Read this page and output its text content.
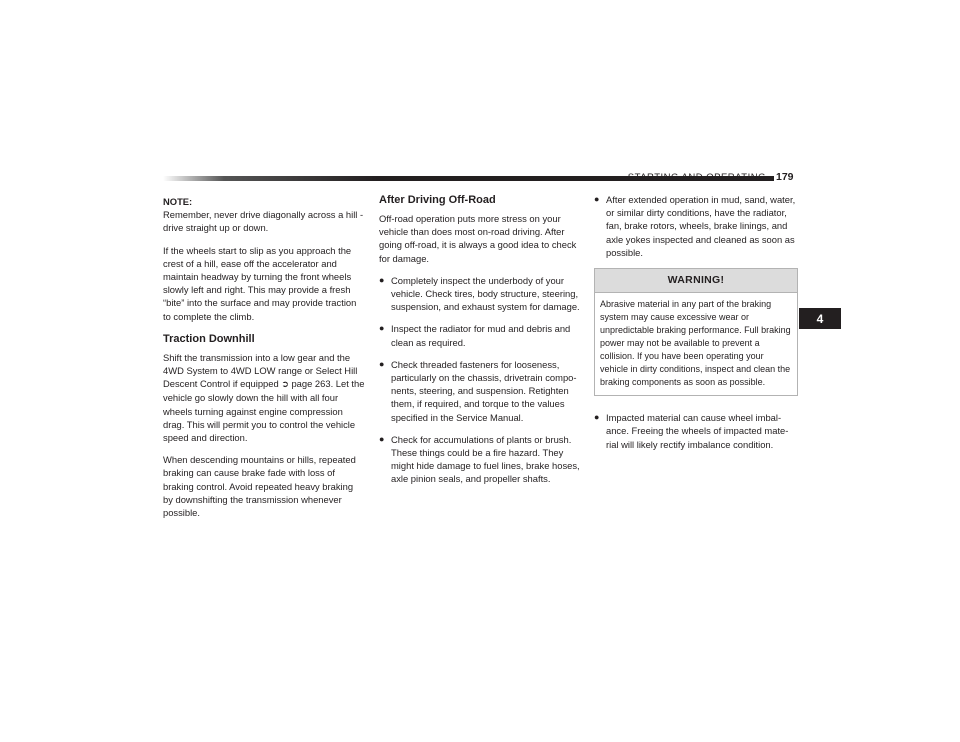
STARTING AND OPERATING 179

NOTE:
Remember, never drive diagonally across a hill - drive straight up or down.

If the wheels start to slip as you approach the crest of a hill, ease off the accelerator and maintain headway by turning the front wheels slowly left and right. This may provide a fresh “bite” into the surface and may provide traction to complete the climb.

Traction Downhill

Shift the transmission into a low gear and the 4WD System to 4WD LOW range or Select Hill Descent Control if equipped ➲ page 263. Let the vehicle go slowly down the hill with all four wheels turning against engine compression drag. This will permit you to control the vehicle speed and direction.

When descending mountains or hills, repeated braking can cause brake fade with loss of braking control. Avoid repeated heavy braking by downshifting the transmission whenever possible.

After Driving Off-Road

Off-road operation puts more stress on your vehicle than does most on-road driving. After going off-road, it is always a good idea to check for damage.

● Completely inspect the underbody of your vehicle. Check tires, body structure, steering, suspension, and exhaust system for damage.
● Inspect the radiator for mud and debris and clean as required.
● Check threaded fasteners for looseness, particularly on the chassis, drivetrain compo-nents, steering, and suspension. Retighten them, if required, and torque to the values specified in the Service Manual.
● Check for accumulations of plants or brush. These things could be a fire hazard. They might hide damage to fuel lines, brake hoses, axle pinion seals, and propeller shafts.
● After extended operation in mud, sand, water, or similar dirty conditions, have the radiator, fan, brake rotors, wheels, brake linings, and axle yokes inspected and cleaned as soon as possible.
WARNING!
Abrasive material in any part of the braking system may cause excessive wear or unpredictable braking performance. Full braking power may not be available to prevent a collision. If you have been operating your vehicle in dirty conditions, inspect and clean the braking components as soon as possible.
● Impacted material can cause wheel imbal-ance. Freeing the wheels of impacted mate-rial will likely rectify imbalance condition.
4
